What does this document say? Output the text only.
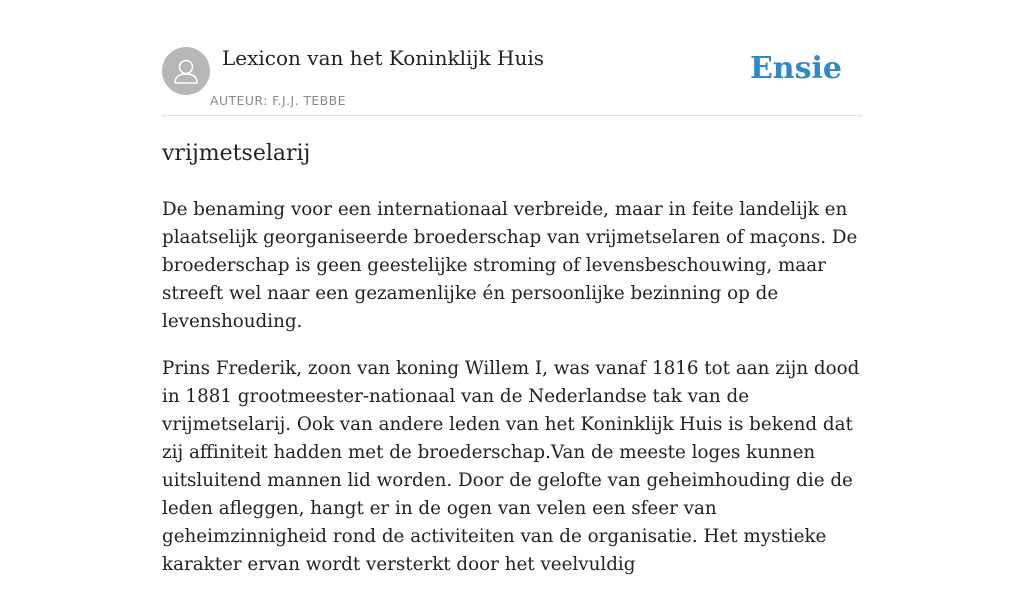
Lexicon van het Koninklijk Huis
AUTEUR: F.J.J. TEBBE
Ensie
vrijmetselarij

De benaming voor een internationaal verbreide, maar in feite landelijk en plaatselijk georganiseerde broederschap van vrijmetselaren of maçons. De broederschap is geen geestelijke stroming of levensbeschouwing, maar streeft wel naar een gezamenlijke én persoonlijke bezinning op de levenshouding.

Prins Frederik, zoon van koning Willem I, was vanaf 1816 tot aan zijn dood in 1881 grootmeester-nationaal van de Nederlandse tak van de vrijmetselarij. Ook van andere leden van het Koninklijk Huis is bekend dat zij affiniteit hadden met de broederschap.Van de meeste loges kunnen uitsluitend mannen lid worden. Door de gelofte van geheimhouding die de leden afleggen, hangt er in de ogen van velen een sfeer van geheimzinnigheid rond de activiteiten van de organisatie. Het mystieke karakter ervan wordt versterkt door het veelvuldig
